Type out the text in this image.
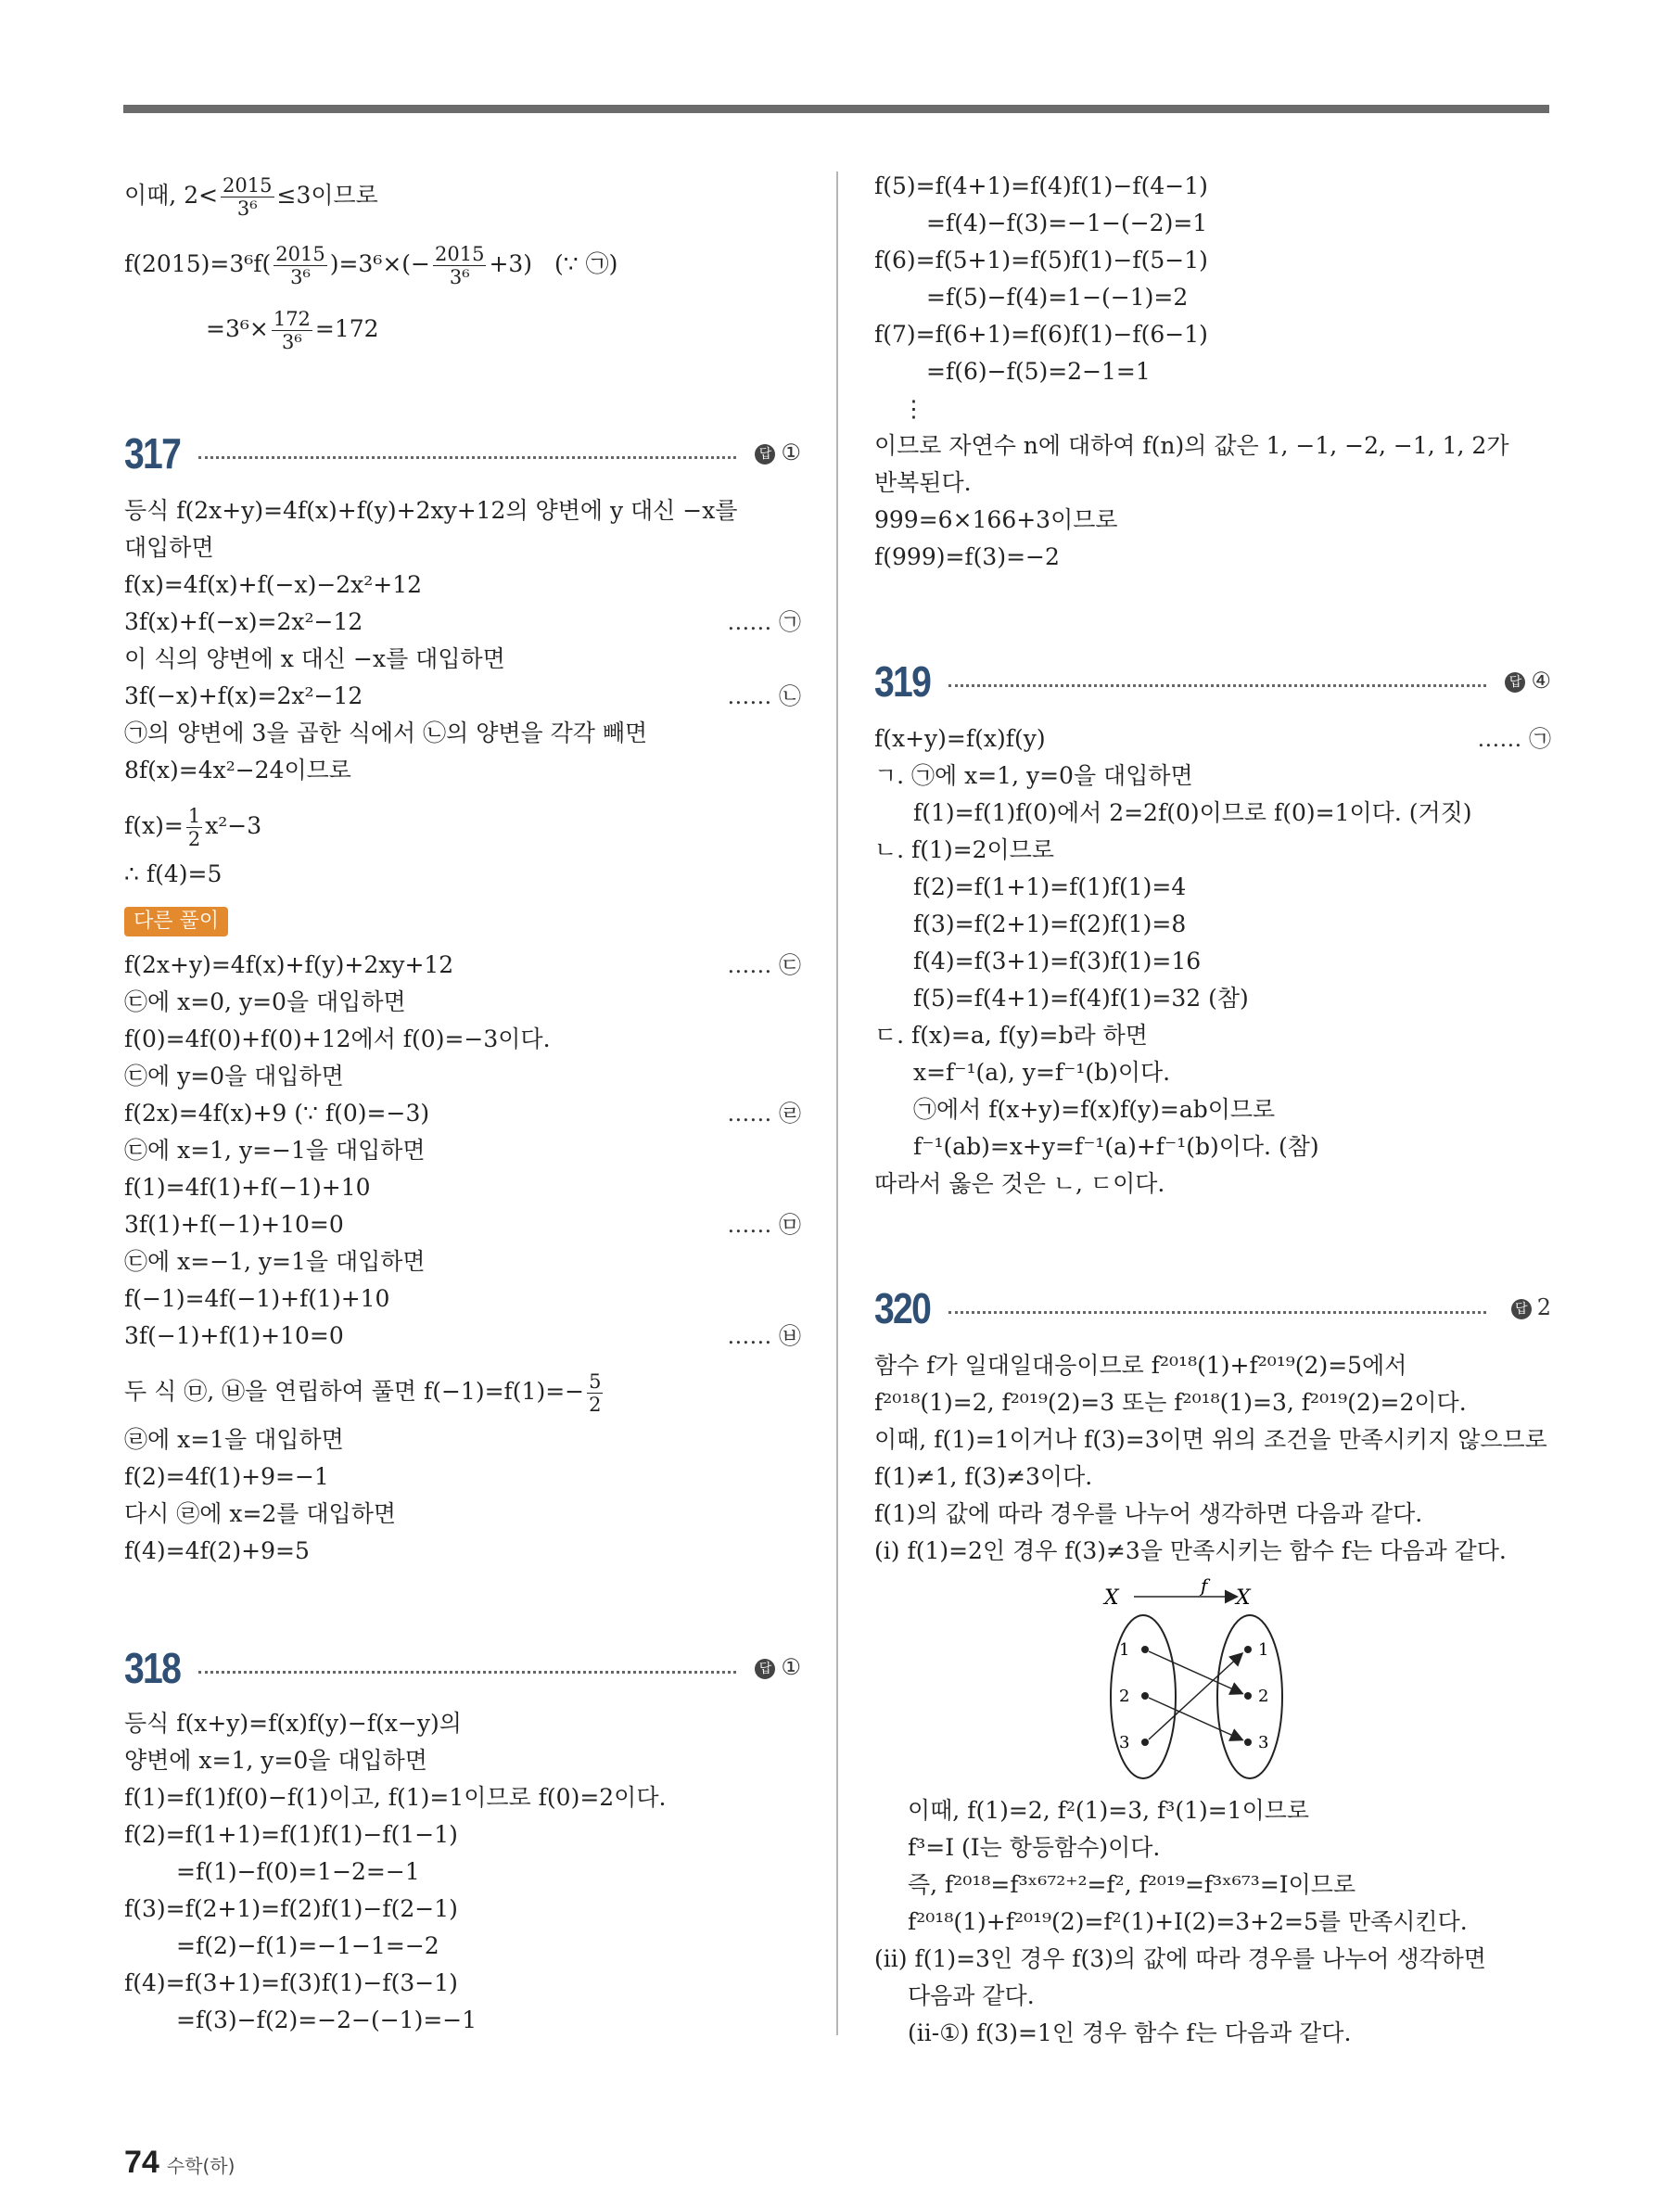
이때, $2< \frac{2015}{\text{3⁶}} \le 3$이므로
$f(2015)=3^6f( \frac{2015}{\text{3⁶}} )=3^6\times(- \frac{2015}{\text{3⁶}} +3)$ (∵ ㉠)
$=3^6\times \frac{172}{\text{3⁶}} =172$
317	답 ①
등식 f(2x+y)=4f(x)+f(y)+2xy+12의 양변에 y 대신 −x를
대입하면
f(x)=4f(x)+f(−x)−2x²+12
3f(x)+f(−x)=2x²−12	…… ㉠
이 식의 양변에 x 대신 −x를 대입하면
3f(−x)+f(x)=2x²−12	…… ㉡
㉠의 양변에 3을 곱한 식에서 ㉡의 양변을 각각 빼면
8f(x)=4x²−24이므로
$f(x)= \frac{1}{2} x^2-3$
∴ f(4)=5
다른 풀이
f(2x+y)=4f(x)+f(y)+2xy+12	…… ㉢
㉢에 x=0, y=0을 대입하면
f(0)=4f(0)+f(0)+12에서 f(0)=−3이다.
㉢에 y=0을 대입하면
f(2x)=4f(x)+9 (∵ f(0)=−3)	…… ㉣
㉢에 x=1, y=−1을 대입하면
f(1)=4f(1)+f(−1)+10
3f(1)+f(−1)+10=0	…… ㉤
㉢에 x=−1, y=1을 대입하면
f(−1)=4f(−1)+f(1)+10
3f(−1)+f(1)+10=0	…… ㉥
두 식 ㉤, ㉥을 연립하여 풀면 $f(-1)=f(1)=- \frac{5}{2}$
㉣에 x=1을 대입하면
f(2)=4f(1)+9=−1
다시 ㉣에 x=2를 대입하면
f(4)=4f(2)+9=5
318	답 ①
등식 f(x+y)=f(x)f(y)−f(x−y)의
양변에 x=1, y=0을 대입하면
f(1)=f(1)f(0)−f(1)이고, f(1)=1이므로 f(0)=2이다.
f(2)=f(1+1)=f(1)f(1)−f(1−1)
=f(1)−f(0)=1−2=−1
f(3)=f(2+1)=f(2)f(1)−f(2−1)
=f(2)−f(1)=−1−1=−2
f(4)=f(3+1)=f(3)f(1)−f(3−1)
=f(3)−f(2)=−2−(−1)=−1
f(5)=f(4+1)=f(4)f(1)−f(4−1)
=f(4)−f(3)=−1−(−2)=1
f(6)=f(5+1)=f(5)f(1)−f(5−1)
=f(5)−f(4)=1−(−1)=2
f(7)=f(6+1)=f(6)f(1)−f(6−1)
=f(6)−f(5)=2−1=1
⋮
이므로 자연수 n에 대하여 f(n)의 값은 1, −1, −2, −1, 1, 2가
반복된다.
999=6×166+3이므로
f(999)=f(3)=−2
319	답 ④
f(x+y)=f(x)f(y)	…… ㉠
ㄱ. ㉠에 x=1, y=0을 대입하면
f(1)=f(1)f(0)에서 2=2f(0)이므로 f(0)=1이다. (거짓)
ㄴ. f(1)=2이므로
f(2)=f(1+1)=f(1)f(1)=4
f(3)=f(2+1)=f(2)f(1)=8
f(4)=f(3+1)=f(3)f(1)=16
f(5)=f(4+1)=f(4)f(1)=32 (참)
ㄷ. f(x)=a, f(y)=b라 하면
x=f⁻¹(a), y=f⁻¹(b)이다.
㉠에서 f(x+y)=f(x)f(y)=ab이므로
f⁻¹(ab)=x+y=f⁻¹(a)+f⁻¹(b)이다. (참)
따라서 옳은 것은 ㄴ, ㄷ이다.
320	답 2
함수 f가 일대일대응이므로 f²⁰¹⁸(1)+f²⁰¹⁹(2)=5에서
f²⁰¹⁸(1)=2, f²⁰¹⁹(2)=3 또는 f²⁰¹⁸(1)=3, f²⁰¹⁹(2)=2이다.
이때, f(1)=1이거나 f(3)=3이면 위의 조건을 만족시키지 않으므로
f(1)≠1, f(3)≠3이다.
f(1)의 값에 따라 경우를 나누어 생각하면 다음과 같다.
(i) f(1)=2인 경우 f(3)≠3을 만족시키는 함수 f는 다음과 같다.
X
f
X
1
2
3
1
2
3
이때, f(1)=2, f²(1)=3, f³(1)=1이므로
f³=I (I는 항등함수)이다.
즉, f²⁰¹⁸=f³ˣ⁶⁷²⁺²=f², f²⁰¹⁹=f³ˣ⁶⁷³=I이므로
f²⁰¹⁸(1)+f²⁰¹⁹(2)=f²(1)+I(2)=3+2=5를 만족시킨다.
(ii) f(1)=3인 경우 f(3)의 값에 따라 경우를 나누어 생각하면
다음과 같다.
(ii-①) f(3)=1인 경우 함수 f는 다음과 같다.
74 수학(하)
